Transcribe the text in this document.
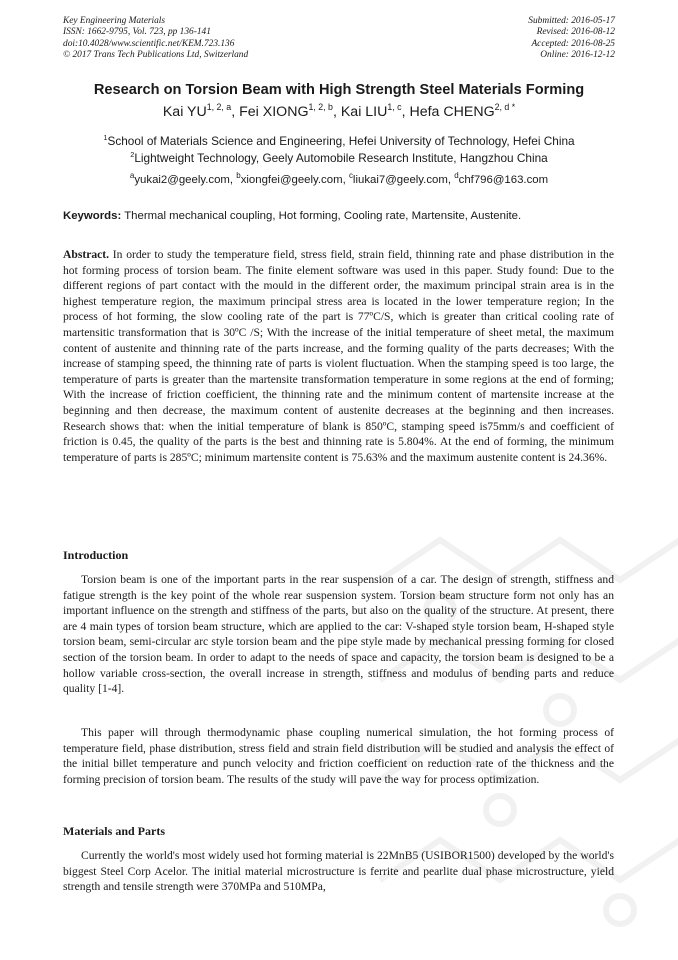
Key Engineering Materials
ISSN: 1662-9795, Vol. 723, pp 136-141
doi:10.4028/www.scientific.net/KEM.723.136
© 2017 Trans Tech Publications Ltd, Switzerland
Submitted: 2016-05-17
Revised: 2016-08-12
Accepted: 2016-08-25
Online: 2016-12-12
Research on Torsion Beam with High Strength Steel Materials Forming
Kai YU$^{1, 2, a}$, Fei XIONG$^{1, 2, b}$, Kai LIU$^{1, c}$, Hefa $CHENG^{2, d *}$
$^1$School of Materials Science and Engineering, Hefei University of Technology, Hefei China
$^2$Lightweight Technology, Geely Automobile Research Institute, Hangzhou China
$^a$yukai2@geely.com, $^b$xiongfei@geely.com, $^c$liukai7@geely.com, $^d$chf796@163.com
Keywords: Thermal mechanical coupling, Hot forming, Cooling rate, Martensite, Austenite.

Abstract. In order to study the temperature field, stress field, strain field, thinning rate and phase distribution in the hot forming process of torsion beam. The finite element software was used in this paper. Study found: Due to the different regions of part contact with the mould in the different order, the maximum principal strain area is in the highest temperature region, the maximum principal stress area is located in the lower temperature region; In the process of hot forming, the slow cooling rate of the part is 77ºC/S, which is greater than critical cooling rate of martensitic transformation that is 30ºC /S; With the increase of the initial temperature of sheet metal, the maximum content of austenite and thinning rate of the parts increase, and the forming quality of the parts decreases; With the increase of stamping speed, the thinning rate of parts is violent fluctuation. When the stamping speed is too large, the temperature of parts is greater than the martensite transformation temperature in some regions at the end of forming; With the increase of friction coefficient, the thinning rate and the minimum content of martensite increase at the beginning and then decrease, the maximum content of austenite decreases at the beginning and then increases. Research shows that: when the initial temperature of blank is 850ºC, stamping speed is75mm/s and coefficient of friction is 0.45, the quality of the parts is the best and thinning rate is 5.804%. At the end of forming, the minimum temperature of parts is 285ºC; minimum martensite content is 75.63% and the maximum austenite content is 24.36%.

Introduction

Torsion beam is one of the important parts in the rear suspension of a car. The design of strength, stiffness and fatigue strength is the key point of the whole rear suspension system. Torsion beam structure form not only has an important influence on the strength and stiffness of the parts, but also on the quality of the structure. At present, there are 4 main types of torsion beam structure, which are applied to the car: V-shaped style torsion beam, H-shaped style torsion beam, semi-circular arc style torsion beam and the pipe style made by mechanical pressing forming for closed section of the torsion beam. In order to adapt to the needs of space and capacity, the torsion beam is designed to be a hollow variable cross-section, the overall increase in strength, stiffness and modulus of bending parts and reduce quality [1-4].

This paper will through thermodynamic phase coupling numerical simulation, the hot forming process of temperature field, phase distribution, stress field and strain field distribution will be studied and analysis the effect of the initial billet temperature and punch velocity and friction coefficient on reduction rate of the thickness and the forming precision of torsion beam. The results of the study will pave the way for process optimization.

Materials and Parts

Currently the world's most widely used hot forming material is 22MnB5 (USIBOR1500) developed by the world's biggest Steel Corp Acelor. The initial material microstructure is ferrite and pearlite dual phase microstructure, yield strength and tensile strength were 370MPa and 510MPa,
